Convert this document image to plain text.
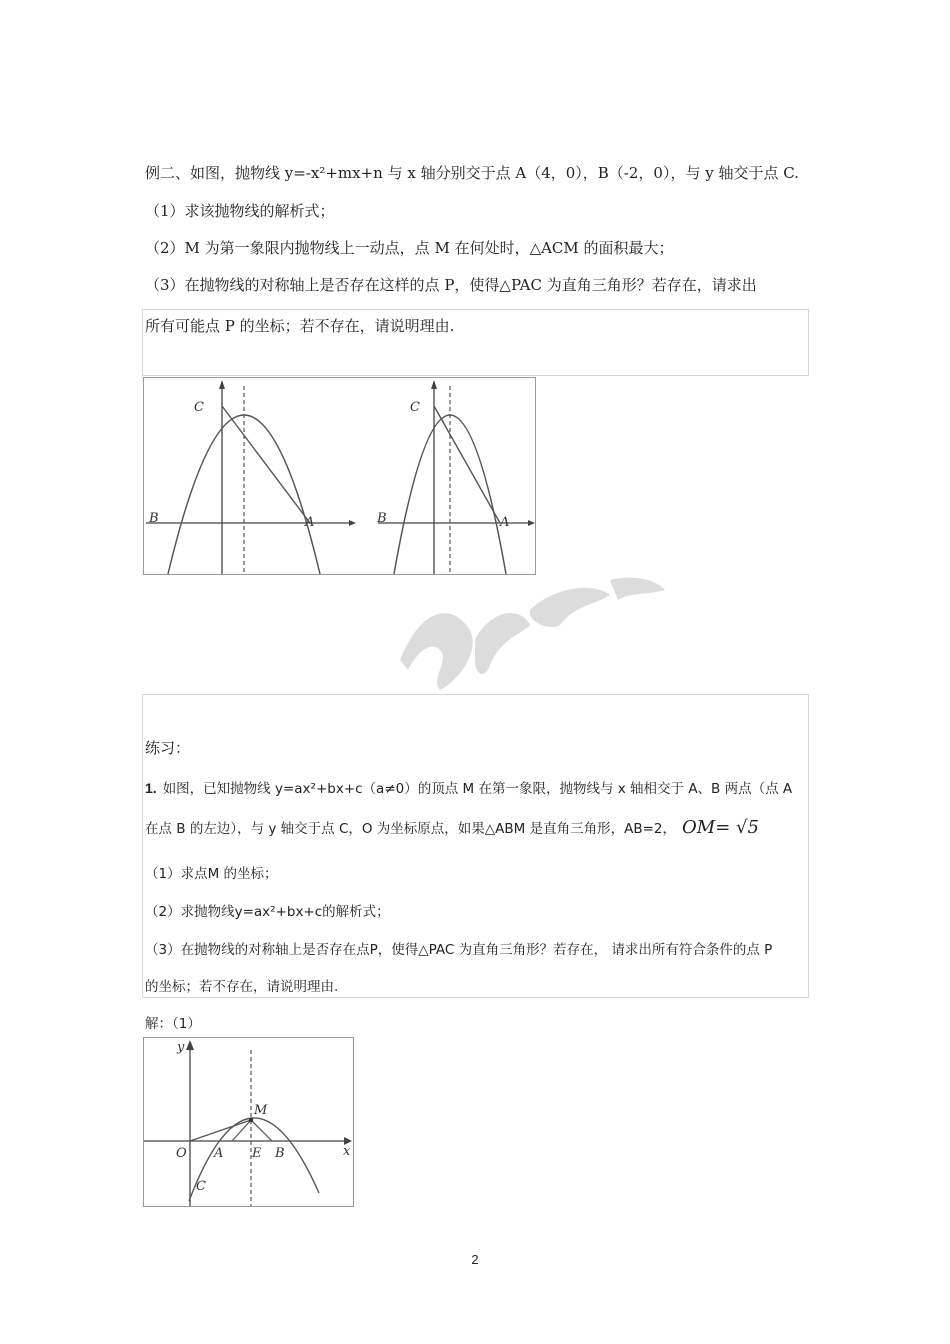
例二、如图，抛物线 y=-x²+mx+n 与 x 轴分别交于点 A（4，0），B（-2，0），与 y 轴交于点 C.
（1）求该抛物线的解析式；
（2）M 为第一象限内抛物线上一动点，点 M 在何处时，△ACM 的面积最大；
（3）在抛物线的对称轴上是否存在这样的点 P，使得△PAC 为直角三角形？若存在，请求出
所有可能点 P 的坐标；若不存在，请说明理由.
C
B	A
C
B	A
练习：
1. 如图，已知抛物线 y=ax²+bx+c（a≠0）的顶点 M 在第一象限，抛物线与 x 轴相交于 A、B 两点（点 A
在点 B 的左边），与 y 轴交于点 C，O 为坐标原点，如果△ABM 是直角三角形，AB=2， OM= √5
（1）求点M 的坐标；
（2）求抛物线y=ax²+bx+c的解析式；
（3）在抛物线的对称轴上是否存在点P，使得△PAC 为直角三角形？若存在， 请求出所有符合条件的点 P
的坐标；若不存在，请说明理由.
解：（1）
y
x
O A E B
M
C
2
